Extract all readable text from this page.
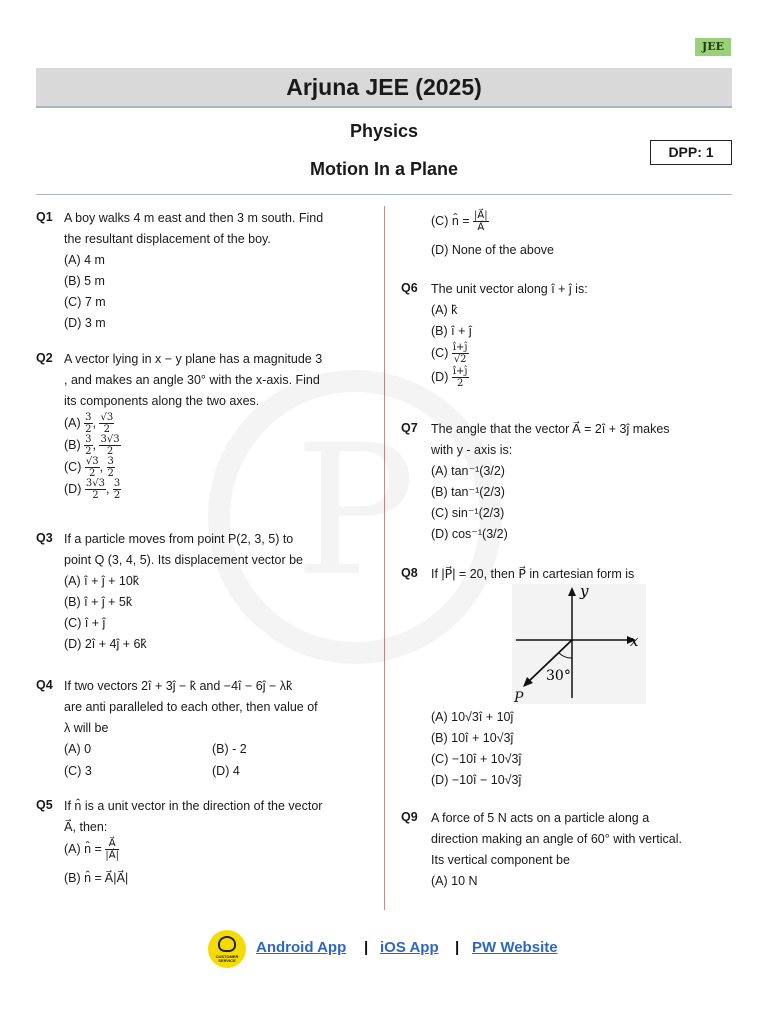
JEE
Arjuna JEE (2025)
Physics
Motion In a Plane
DPP: 1
Q1 A boy walks 4 m east and then 3 m south. Find
the resultant displacement of the boy.
(A) 4 m
(B) 5 m
(C) 7 m
(D) 3 m
Q2 A vector lying in x − y plane has a magnitude 3
, and makes an angle 30° with the x-axis. Find
its components along the two axes.
$(A) \frac{3}{2}$ , $\frac{√3}{2}$
$(B) \frac{3}{2}$ , $\frac{3√3}{2}$
$(C) \frac{√3}{2}$ , $\frac{3}{2}$
$(D) \frac{3√3}{2}$ , $\frac{3}{2}$
Q3 If a particle moves from point P(2, 3, 5) to
point Q (3, 4, 5). Its displacement vector be
(A) î + ĵ + 10k̂
(B) î + ĵ + 5k̂
(C) î + ĵ
(D) 2î + 4ĵ + 6k̂
Q4 If two vectors 2î + 3ĵ − k̂ and −4î − 6ĵ − λk̂
are anti paralleled to each other, then value of
λ will be
(A) 0	(B) - 2
(C) 3	(D) 4
Q5 If n̂ is a unit vector in the direction of the vector
A⃗, then:
(A) n̂ = $\frac{A⃗}{|A⃗|}$
(B) n̂ = A⃗|A⃗|
(C) n̂ = $\frac{|A⃗|}{A⃗}$
(D) None of the above
Q6 The unit vector along î + ĵ is:
(A) k̂
(B) î + ĵ
$(C) \frac{î+ĵ}{√2}$
$(D) \frac{î+ĵ}{2}$
Q7 The angle that the vector A⃗ = 2î + 3ĵ makes
with y - axis is:
(A) tan⁻¹(3/2)
(B) tan⁻¹(2/3)
(C) sin⁻¹(2/3)
(D) cos⁻¹(3/2)
Q8 If |P⃗| = 20, then P⃗ in cartesian form is
y
x
30°
P
(A) 10√3î + 10ĵ
(B) 10î + 10√3ĵ
(C) −10î + 10√3ĵ
(D) −10î − 10√3ĵ
Q9 A force of 5 N acts on a particle along a
direction making an angle of 60° with vertical.
Its vertical component be
(A) 10 N
CUSTOMER SERVICE
Android App | iOS App | PW Website
